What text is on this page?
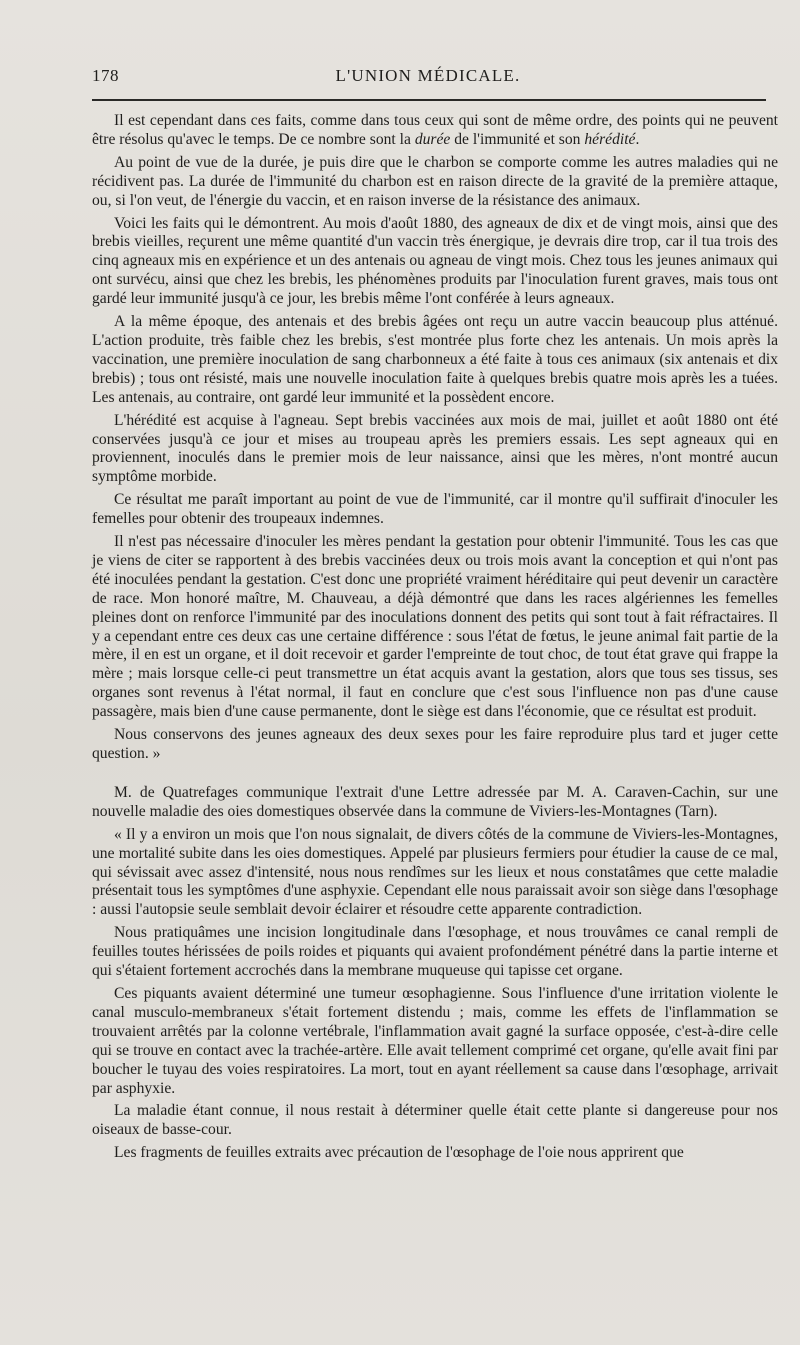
178	L'UNION MÉDICALE.

Il est cependant dans ces faits, comme dans tous ceux qui sont de même ordre, des points qui ne peuvent être résolus qu'avec le temps. De ce nombre sont la durée de l'immunité et son hérédité.

Au point de vue de la durée, je puis dire que le charbon se comporte comme les autres maladies qui ne récidivent pas. La durée de l'immunité du charbon est en raison directe de la gravité de la première attaque, ou, si l'on veut, de l'énergie du vaccin, et en raison inverse de la résistance des animaux.

Voici les faits qui le démontrent. Au mois d'août 1880, des agneaux de dix et de vingt mois, ainsi que des brebis vieilles, reçurent une même quantité d'un vaccin très énergique, je devrais dire trop, car il tua trois des cinq agneaux mis en expérience et un des antenais ou agneau de vingt mois. Chez tous les jeunes animaux qui ont survécu, ainsi que chez les brebis, les phénomènes produits par l'inoculation furent graves, mais tous ont gardé leur immunité jusqu'à ce jour, les brebis même l'ont conférée à leurs agneaux.

A la même époque, des antenais et des brebis âgées ont reçu un autre vaccin beaucoup plus atténué. L'action produite, très faible chez les brebis, s'est montrée plus forte chez les antenais. Un mois après la vaccination, une première inoculation de sang charbonneux a été faite à tous ces animaux (six antenais et dix brebis) ; tous ont résisté, mais une nouvelle inoculation faite à quelques brebis quatre mois après les a tuées. Les antenais, au contraire, ont gardé leur immunité et la possèdent encore.

L'hérédité est acquise à l'agneau. Sept brebis vaccinées aux mois de mai, juillet et août 1880 ont été conservées jusqu'à ce jour et mises au troupeau après les premiers essais. Les sept agneaux qui en proviennent, inoculés dans le premier mois de leur naissance, ainsi que les mères, n'ont montré aucun symptôme morbide.

Ce résultat me paraît important au point de vue de l'immunité, car il montre qu'il suffirait d'inoculer les femelles pour obtenir des troupeaux indemnes.

Il n'est pas nécessaire d'inoculer les mères pendant la gestation pour obtenir l'immunité. Tous les cas que je viens de citer se rapportent à des brebis vaccinées deux ou trois mois avant la conception et qui n'ont pas été inoculées pendant la gestation. C'est donc une propriété vraiment héréditaire qui peut devenir un caractère de race. Mon honoré maître, M. Chauveau, a déjà démontré que dans les races algériennes les femelles pleines dont on renforce l'immunité par des inoculations donnent des petits qui sont tout à fait réfractaires. Il y a cependant entre ces deux cas une certaine différence : sous l'état de fœtus, le jeune animal fait partie de la mère, il en est un organe, et il doit recevoir et garder l'empreinte de tout choc, de tout état grave qui frappe la mère ; mais lorsque celle-ci peut transmettre un état acquis avant la gestation, alors que tous ses tissus, ses organes sont revenus à l'état normal, il faut en conclure que c'est sous l'influence non pas d'une cause passagère, mais bien d'une cause permanente, dont le siège est dans l'économie, que ce résultat est produit.

Nous conservons des jeunes agneaux des deux sexes pour les faire reproduire plus tard et juger cette question. »

M. de Quatrefages communique l'extrait d'une Lettre adressée par M. A. Caraven-Cachin, sur une nouvelle maladie des oies domestiques observée dans la commune de Viviers-les-Montagnes (Tarn).

« Il y a environ un mois que l'on nous signalait, de divers côtés de la commune de Viviers-les-Montagnes, une mortalité subite dans les oies domestiques. Appelé par plusieurs fermiers pour étudier la cause de ce mal, qui sévissait avec assez d'intensité, nous nous rendîmes sur les lieux et nous constatâmes que cette maladie présentait tous les symptômes d'une asphyxie. Cependant elle nous paraissait avoir son siège dans l'œsophage : aussi l'autopsie seule semblait devoir éclairer et résoudre cette apparente contradiction.

Nous pratiquâmes une incision longitudinale dans l'œsophage, et nous trouvâmes ce canal rempli de feuilles toutes hérissées de poils roides et piquants qui avaient profondément pénétré dans la partie interne et qui s'étaient fortement accrochés dans la membrane muqueuse qui tapisse cet organe.

Ces piquants avaient déterminé une tumeur œsophagienne. Sous l'influence d'une irritation violente le canal musculo-membraneux s'était fortement distendu ; mais, comme les effets de l'inflammation se trouvaient arrêtés par la colonne vertébrale, l'inflammation avait gagné la surface opposée, c'est-à-dire celle qui se trouve en contact avec la trachée-artère. Elle avait tellement comprimé cet organe, qu'elle avait fini par boucher le tuyau des voies respiratoires. La mort, tout en ayant réellement sa cause dans l'œsophage, arrivait par asphyxie.

La maladie étant connue, il nous restait à déterminer quelle était cette plante si dangereuse pour nos oiseaux de basse-cour.

Les fragments de feuilles extraits avec précaution de l'œsophage de l'oie nous apprirent que
